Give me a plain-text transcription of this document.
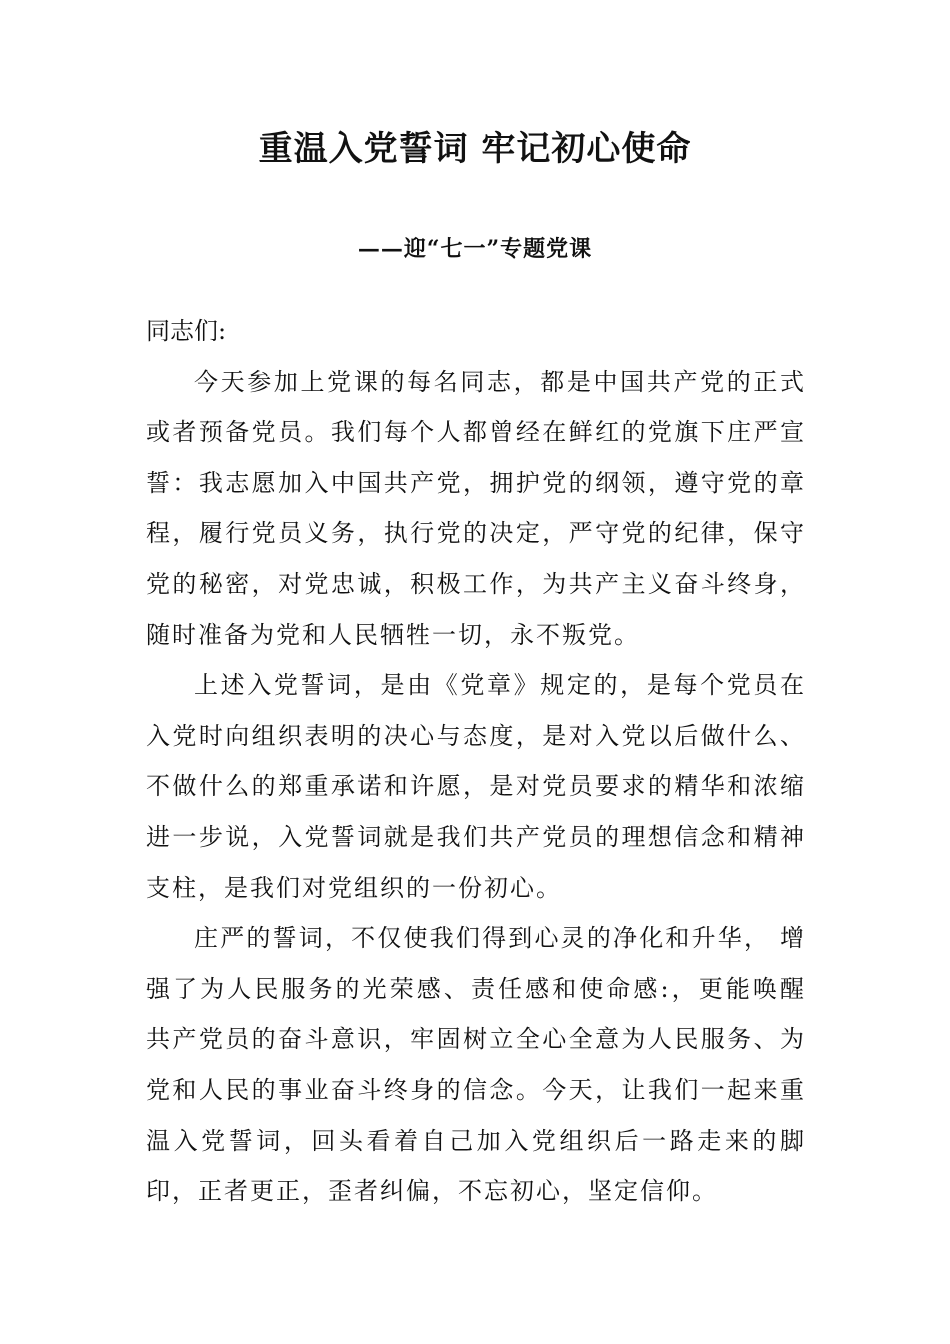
重温入党誓词 牢记初心使命
——迎“七一”专题党课

同志们:

今天参加上党课的每名同志，都是中国共产党的正式或者预备党员。我们每个人都曾经在鲜红的党旗下庄严宣誓：我志愿加入中国共产党，拥护党的纲领，遵守党的章程，履行党员义务，执行党的决定，严守党的纪律，保守党的秘密，对党忠诚，积极工作，为共产主义奋斗终身，随时准备为党和人民牺牲一切，永不叛党。

上述入党誓词，是由《党章》规定的，是每个党员在入党时向组织表明的决心与态度，是对入党以后做什么、不做什么的郑重承诺和许愿，是对党员要求的精华和浓缩进一步说，入党誓词就是我们共产党员的理想信念和精神支柱，是我们对党组织的一份初心。

庄严的誓词，不仅使我们得到心灵的净化和升华， 增强了为人民服务的光荣感、责任感和使命感:，更能唤醒共产党员的奋斗意识，牢固树立全心全意为人民服务、为党和人民的事业奋斗终身的信念。今天，让我们一起来重温入党誓词，回头看着自己加入党组织后一路走来的脚印，正者更正，歪者纠偏，不忘初心，坚定信仰。
